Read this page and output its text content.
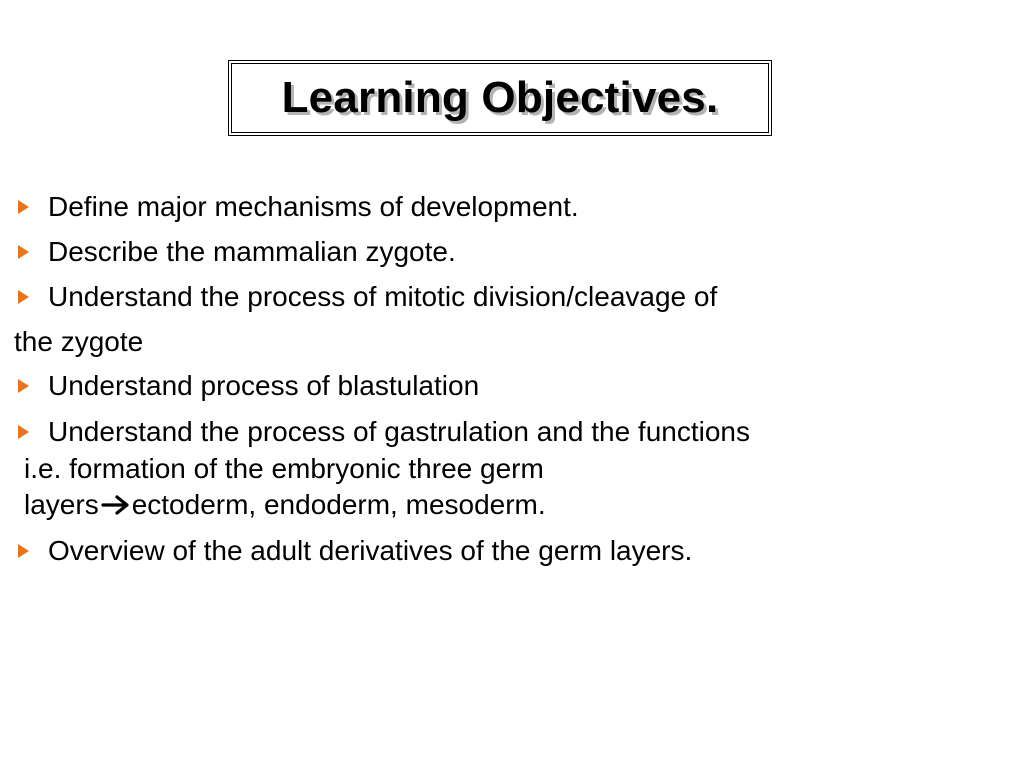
Learning Objectives.
Define major mechanisms of development.
Describe the mammalian zygote.
Understand the process of mitotic division/cleavage of
the zygote
Understand process of blastulation
Understand the process of gastrulation and the functions
i.e. formation of the embryonic three germ
layers ectoderm, endoderm, mesoderm.
Overview of the adult derivatives of the germ layers.
